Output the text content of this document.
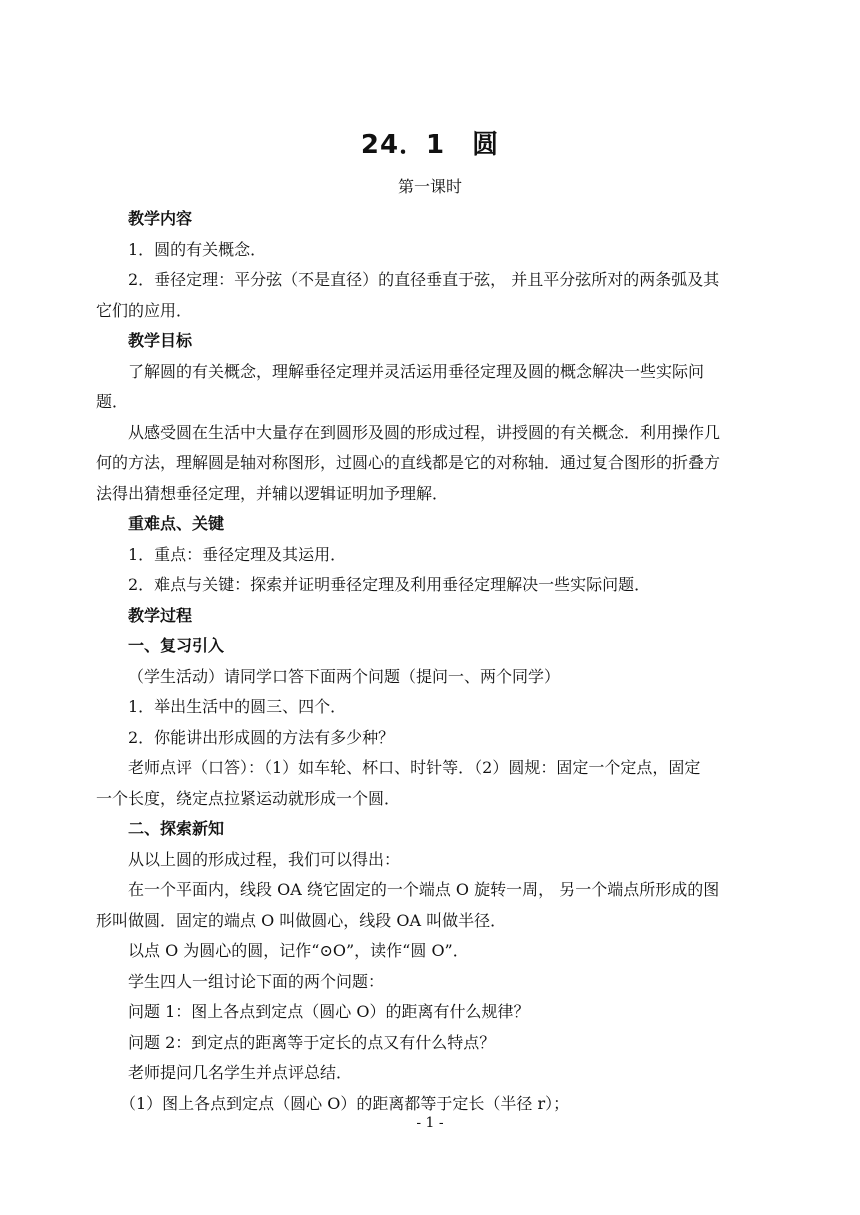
24．1　圆
第一课时
教学内容
1．圆的有关概念．
2．垂径定理：平分弦（不是直径）的直径垂直于弦， 并且平分弦所对的两条弧及其
它们的应用．
教学目标
了解圆的有关概念，理解垂径定理并灵活运用垂径定理及圆的概念解决一些实际问
题．
从感受圆在生活中大量存在到圆形及圆的形成过程，讲授圆的有关概念．利用操作几
何的方法，理解圆是轴对称图形，过圆心的直线都是它的对称轴．通过复合图形的折叠方
法得出猜想垂径定理，并辅以逻辑证明加予理解．
重难点、关键
1．重点：垂径定理及其运用．
2．难点与关键：探索并证明垂径定理及利用垂径定理解决一些实际问题．
教学过程
一、复习引入
（学生活动）请同学口答下面两个问题（提问一、两个同学）
1．举出生活中的圆三、四个．
2．你能讲出形成圆的方法有多少种？
老师点评（口答）：（1）如车轮、杯口、时针等．（2）圆规：固定一个定点，固定
一个长度，绕定点拉紧运动就形成一个圆．
二、探索新知
从以上圆的形成过程，我们可以得出：
在一个平面内，线段 OA 绕它固定的一个端点 O 旋转一周， 另一个端点所形成的图
形叫做圆．固定的端点 O 叫做圆心，线段 OA 叫做半径．
以点 O 为圆心的圆，记作“⊙O”，读作“圆 O”．
学生四人一组讨论下面的两个问题：
问题 1：图上各点到定点（圆心 O）的距离有什么规律？
问题 2：到定点的距离等于定长的点又有什么特点？
老师提问几名学生并点评总结．
（1）图上各点到定点（圆心 O）的距离都等于定长（半径 r）；
- 1 -
